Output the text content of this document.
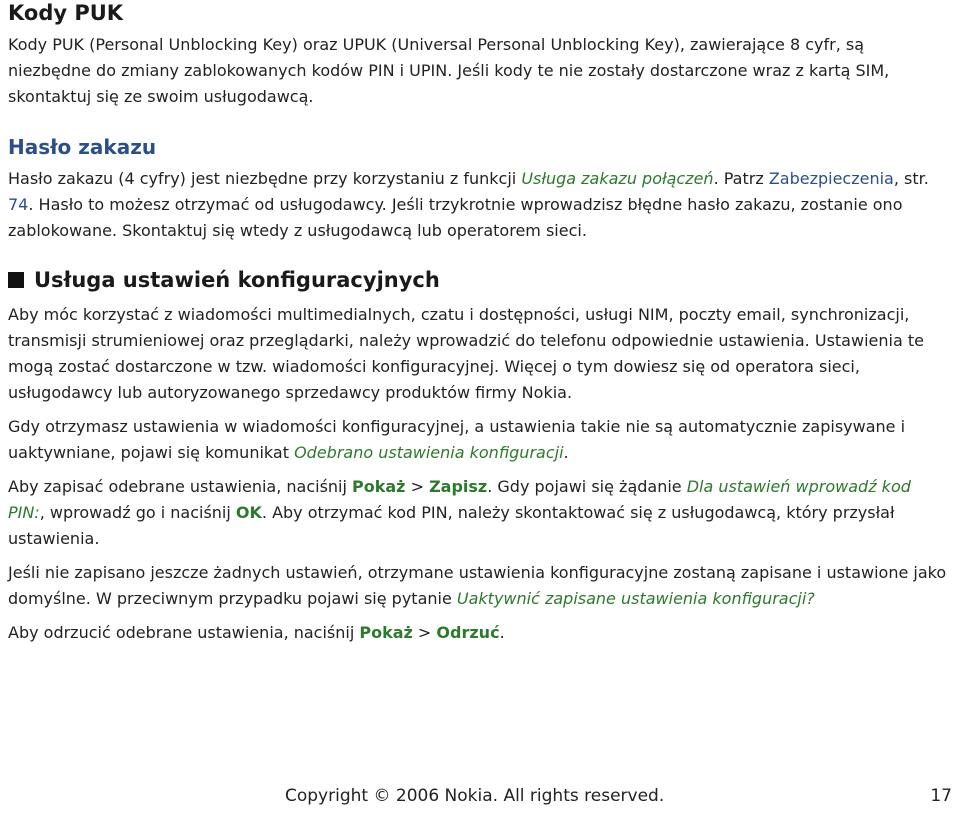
Kody PUK

Kody PUK (Personal Unblocking Key) oraz UPUK (Universal Personal Unblocking Key), zawierające 8 cyfr, są niezbędne do zmiany zablokowanych kodów PIN i UPIN. Jeśli kody te nie zostały dostarczone wraz z kartą SIM, skontaktuj się ze swoim usługodawcą.

Hasło zakazu

Hasło zakazu (4 cyfry) jest niezbędne przy korzystaniu z funkcji Usługa zakazu połączeń. Patrz Zabezpieczenia, str. 74. Hasło to możesz otrzymać od usługodawcy. Jeśli trzykrotnie wprowadzisz błędne hasło zakazu, zostanie ono zablokowane. Skontaktuj się wtedy z usługodawcą lub operatorem sieci.

Usługa ustawień konfiguracyjnych

Aby móc korzystać z wiadomości multimedialnych, czatu i dostępności, usługi NIM, poczty email, synchronizacji, transmisji strumieniowej oraz przeglądarki, należy wprowadzić do telefonu odpowiednie ustawienia. Ustawienia te mogą zostać dostarczone w tzw. wiadomości konfiguracyjnej. Więcej o tym dowiesz się od operatora sieci, usługodawcy lub autoryzowanego sprzedawcy produktów firmy Nokia.

Gdy otrzymasz ustawienia w wiadomości konfiguracyjnej, a ustawienia takie nie są automatycznie zapisywane i uaktywniane, pojawi się komunikat Odebrano ustawienia konfiguracji.

Aby zapisać odebrane ustawienia, naciśnij Pokaż > Zapisz. Gdy pojawi się żądanie Dla ustawień wprowadź kod PIN:, wprowadź go i naciśnij OK. Aby otrzymać kod PIN, należy skontaktować się z usługodawcą, który przysłał ustawienia.

Jeśli nie zapisano jeszcze żadnych ustawień, otrzymane ustawienia konfiguracyjne zostaną zapisane i ustawione jako domyślne. W przeciwnym przypadku pojawi się pytanie Uaktywnić zapisane ustawienia konfiguracji?

Aby odrzucić odebrane ustawienia, naciśnij Pokaż > Odrzuć.

Copyright © 2006 Nokia. All rights reserved.	17
